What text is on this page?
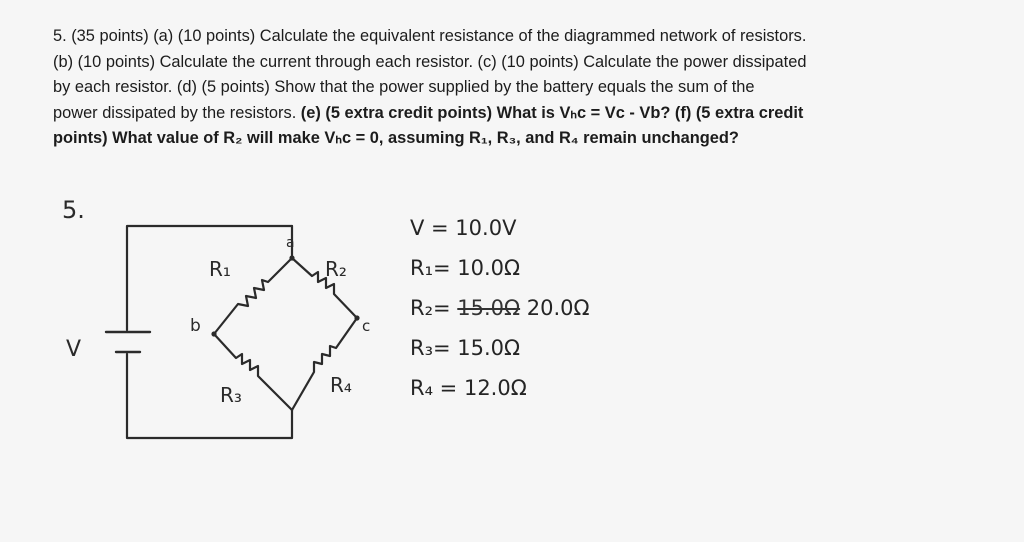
5. (35 points) (a) (10 points) Calculate the equivalent resistance of the diagrammed network of resistors.
(b) (10 points) Calculate the current through each resistor. (c) (10 points) Calculate the power dissipated
by each resistor. (d) (5 points) Show that the power supplied by the battery equals the sum of the
power dissipated by the resistors. (e) (5 extra credit points) What is Vₕc = Vc - Vb? (f) (5 extra credit
points) What value of R₂ will make Vₕc = 0, assuming R₁, R₃, and R₄ remain unchanged?
5.
V
a
b	c
R₁	R₂
R₃	R₄
V = 10.0V
R₁= 10.0Ω
R₂= 15.0Ω 20.0Ω
R₃= 15.0Ω
R₄ = 12.0Ω
